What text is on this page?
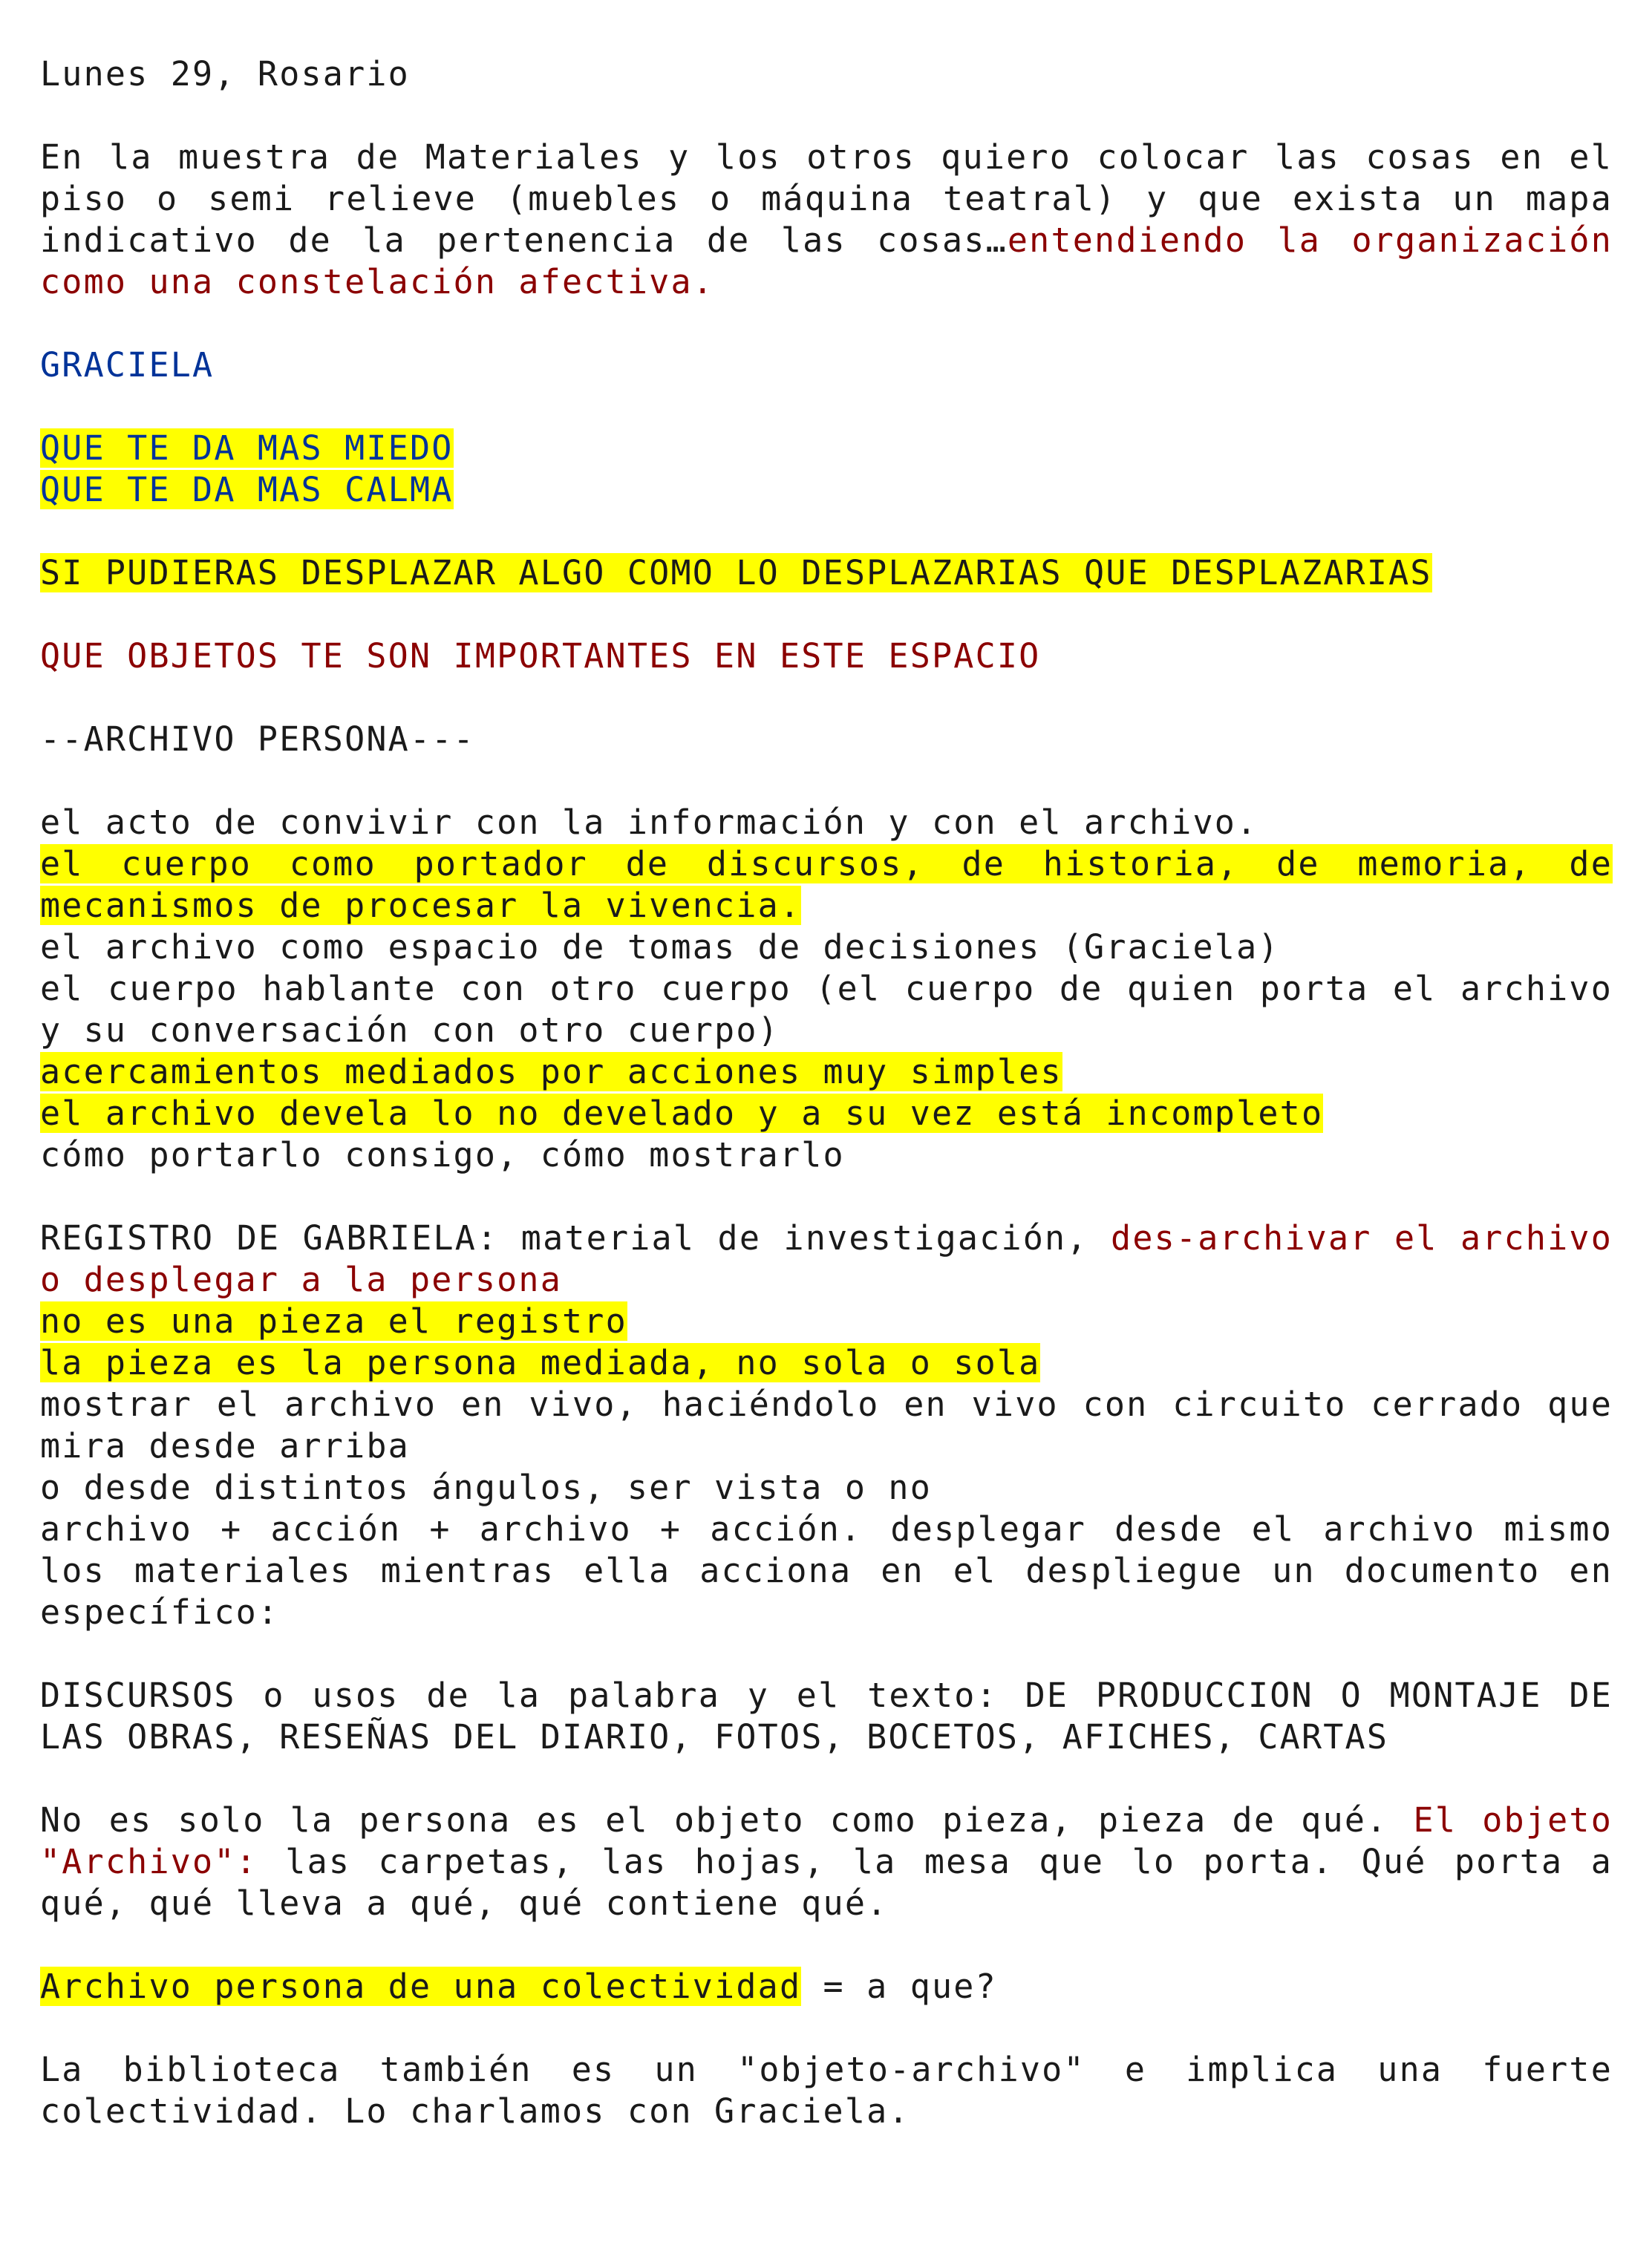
Lunes 29, Rosario

En la muestra de Materiales y los otros quiero colocar las cosas en el piso o semi relieve (muebles o máquina teatral) y que exista un mapa indicativo de la pertenencia de las cosas…entendiendo la organización como una constelación afectiva.

GRACIELA

QUE TE DA MAS MIEDO
QUE TE DA MAS CALMA

SI PUDIERAS DESPLAZAR ALGO COMO LO DESPLAZARIAS QUE DESPLAZARIAS

QUE OBJETOS TE SON IMPORTANTES EN ESTE ESPACIO

--ARCHIVO PERSONA---

el acto de convivir con la información y con el archivo.
el cuerpo como portador de discursos, de historia, de memoria, de mecanismos de procesar la vivencia.
el archivo como espacio de tomas de decisiones (Graciela)
el cuerpo hablante con otro cuerpo (el cuerpo de quien porta el archivo y su conversación con otro cuerpo)
acercamientos mediados por acciones muy simples
el archivo devela lo no develado y a su vez está incompleto
cómo portarlo consigo, cómo mostrarlo
REGISTRO DE GABRIELA: material de investigación, des-archivar el archivo o desplegar a la persona
no es una pieza el registro
la pieza es la persona mediada, no sola o sola
mostrar el archivo en vivo, haciéndolo en vivo con circuito cerrado que mira desde arriba
o desde distintos ángulos, ser vista o no
archivo + acción + archivo + acción. desplegar desde el archivo mismo los materiales mientras ella acciona en el despliegue un documento en específico:

DISCURSOS o usos de la palabra y el texto: DE PRODUCCION O MONTAJE DE LAS OBRAS, RESEÑAS DEL DIARIO, FOTOS, BOCETOS, AFICHES, CARTAS

No es solo la persona es el objeto como pieza, pieza de qué. El objeto "Archivo": las carpetas, las hojas, la mesa que lo porta. Qué porta a qué, qué lleva a qué, qué contiene qué.

Archivo persona de una colectividad = a que?

La biblioteca también es un "objeto-archivo" e implica una fuerte colectividad. Lo charlamos con Graciela.
